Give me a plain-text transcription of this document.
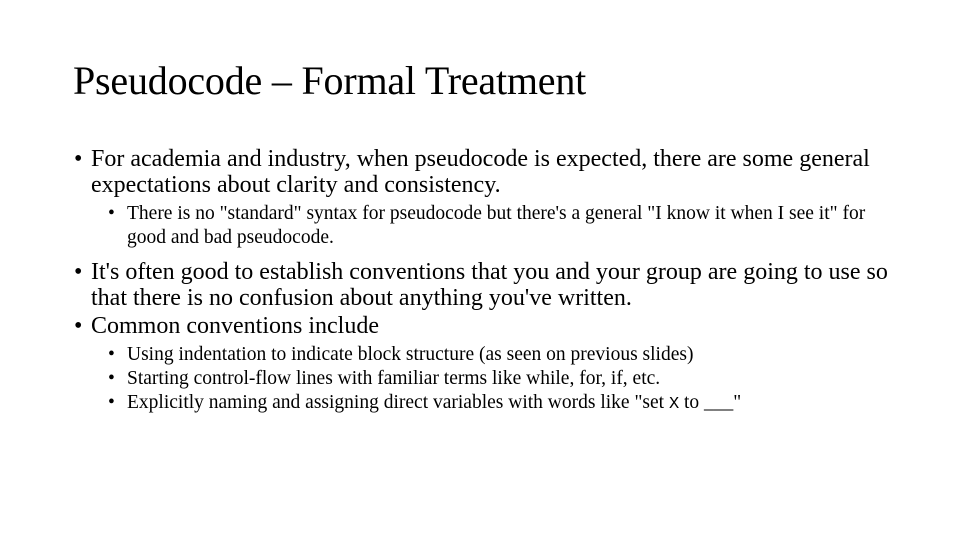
Pseudocode – Formal Treatment
• For academia and industry, when pseudocode is expected, there are some general expectations about clarity and consistency.
• There is no "standard" syntax for pseudocode but there's a general "I know it when I see it" for good and bad pseudocode.
• It's often good to establish conventions that you and your group are going to use so that there is no confusion about anything you've written.
• Common conventions include
• Using indentation to indicate block structure (as seen on previous slides)
• Starting control-flow lines with familiar terms like while, for, if, etc.
• Explicitly naming and assigning direct variables with words like "set X to ___"
